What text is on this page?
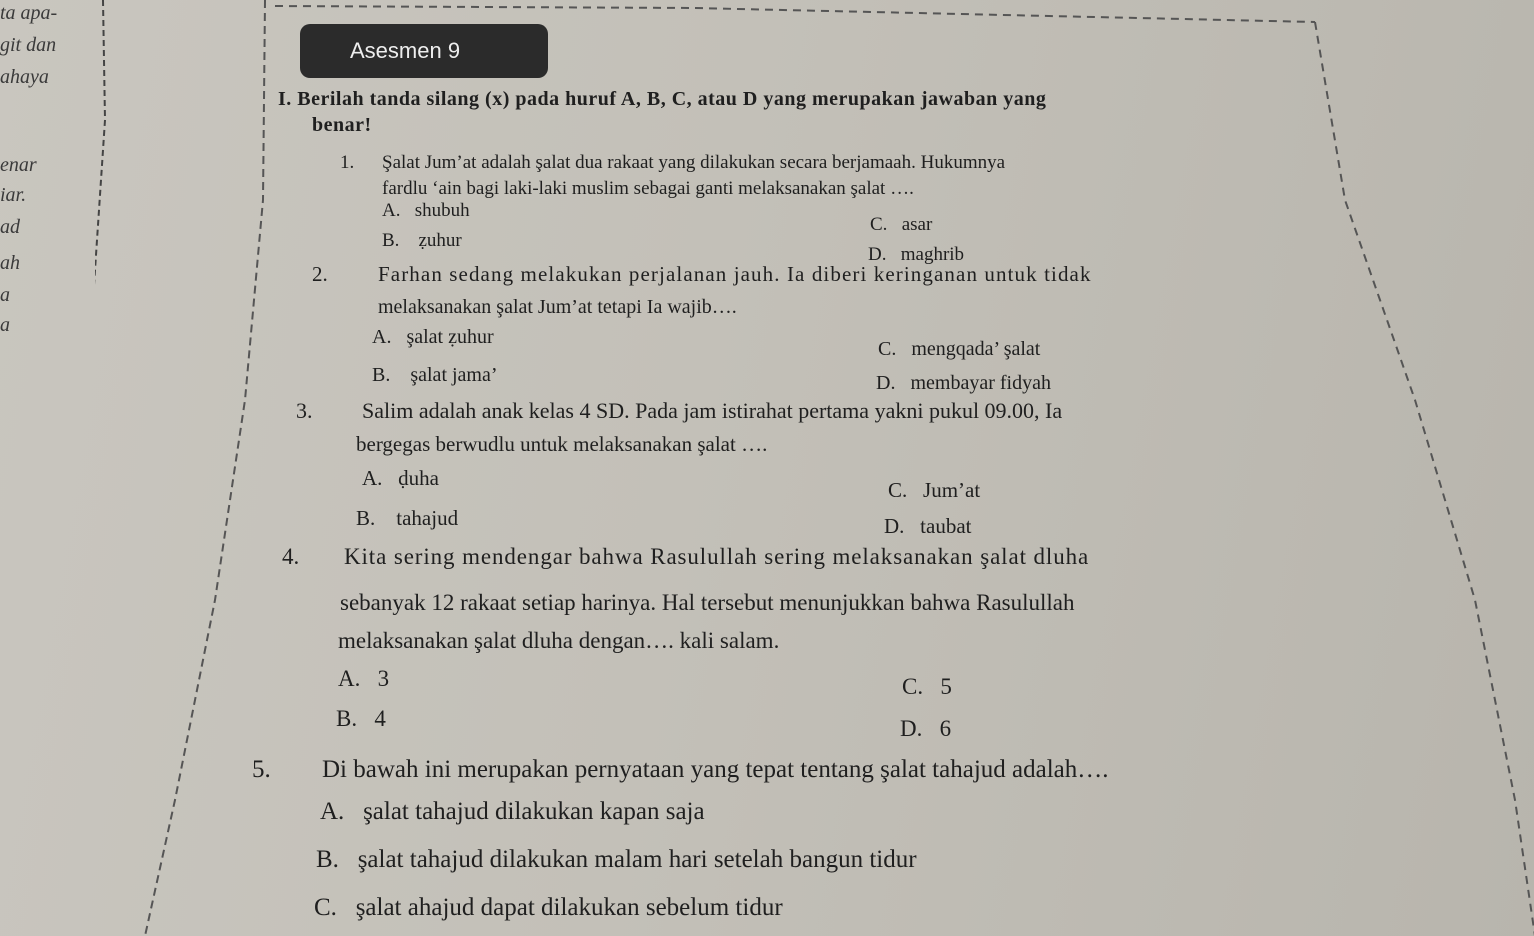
ta apa-
git dan
ahaya
enar
iar.
ad
ah
a
a
Asesmen 9
I. Berilah tanda silang (x) pada huruf A, B, C, atau D yang merupakan jawaban yang
benar!
1. Şalat Jum’at adalah şalat dua rakaat yang dilakukan secara berjamaah. Hukumnya
fardlu ‘ain bagi laki-laki muslim sebagai ganti melaksanakan şalat ….
A.   shubuh
C.   asar
B.    ẓuhur
D.   maghrib
2. Farhan sedang melakukan perjalanan jauh. Ia diberi keringanan untuk tidak
melaksanakan şalat Jum’at tetapi Ia wajib….
A.   şalat ẓuhur
C.   mengqada’ şalat
B.    şalat jama’	D.   membayar fidyah
3. Salim adalah anak kelas 4 SD. Pada jam istirahat pertama yakni pukul 09.00, Ia
bergegas berwudlu untuk melaksanakan şalat ….
A.   ḍuha	C.   Jum’at
B.    tahajud	D.   taubat
4. Kita sering mendengar bahwa Rasulullah sering melaksanakan şalat dluha
sebanyak 12 rakaat setiap harinya. Hal tersebut menunjukkan bahwa Rasulullah
melaksanakan şalat dluha dengan…. kali salam.
A.   3	C.   5
B.   4	D.   6
5. Di bawah ini merupakan pernyataan yang tepat tentang şalat tahajud adalah….
A.   şalat tahajud dilakukan kapan saja
B.   şalat tahajud dilakukan malam hari setelah bangun tidur
C.   şalat ahajud dapat dilakukan sebelum tidur
